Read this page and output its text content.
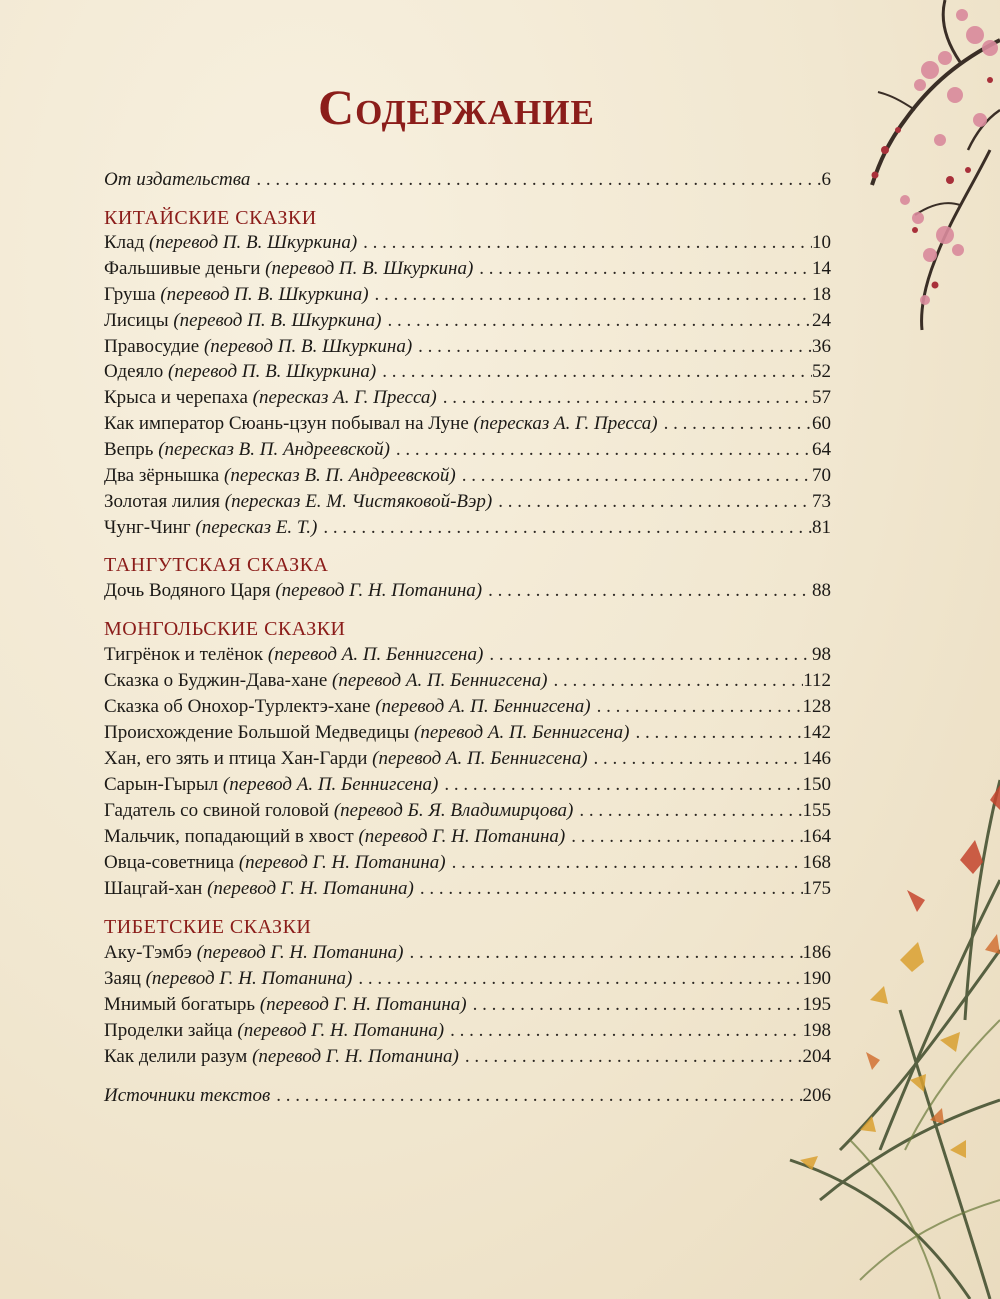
Содержание
От издательства . . .	6
КИТАЙСКИЕ СКАЗКИ
Клад (перевод П. В. Шкуркина) . . .	10
Фальшивые деньги (перевод П. В. Шкуркина) . . .	14
Груша (перевод П. В. Шкуркина) . . .	18
Лисицы (перевод П. В. Шкуркина) . . .	24
Правосудие (перевод П. В. Шкуркина) . . .	36
Одеяло (перевод П. В. Шкуркина) . . .	52
Крыса и черепаха (пересказ А. Г. Пресса) . . .	57
Как император Сюань-цзун побывал на Луне (пересказ А. Г. Пресса) . . .	60
Вепрь (пересказ В. П. Андреевской) . . .	64
Два зёрнышка (пересказ В. П. Андреевской) . . .	70
Золотая лилия (пересказ Е. М. Чистяковой-Вэр) . . .	73
Чунг-Чинг (пересказ Е. Т.) . . .	81
ТАНГУТСКАЯ СКАЗКА
Дочь Водяного Царя (перевод Г. Н. Потанина) . . .	88
МОНГОЛЬСКИЕ СКАЗКИ
Тигрёнок и телёнок (перевод А. П. Беннигсена) . . .	98
Сказка о Буджин-Дава-хане (перевод А. П. Беннигсена) . . .	112
Сказка об Онохор-Турлектэ-хане (перевод А. П. Беннигсена) . . .	128
Происхождение Большой Медведицы (перевод А. П. Беннигсена) . . .	142
Хан, его зять и птица Хан-Гарди (перевод А. П. Беннигсена) . . .	146
Сарын-Гырыл (перевод А. П. Беннигсена) . . .	150
Гадатель со свиной головой (перевод Б. Я. Владимирцова) . . .	155
Мальчик, попадающий в хвост (перевод Г. Н. Потанина) . . .	164
Овца-советница (перевод Г. Н. Потанина) . . .	168
Шацгай-хан (перевод Г. Н. Потанина) . . .	175
ТИБЕТСКИЕ СКАЗКИ
Аку-Тэмбэ (перевод Г. Н. Потанина) . . .	186
Заяц (перевод Г. Н. Потанина) . . .	190
Мнимый богатырь (перевод Г. Н. Потанина) . . .	195
Проделки зайца (перевод Г. Н. Потанина) . . .	198
Как делили разум (перевод Г. Н. Потанина) . . .	204
Источники текстов . . .	206
